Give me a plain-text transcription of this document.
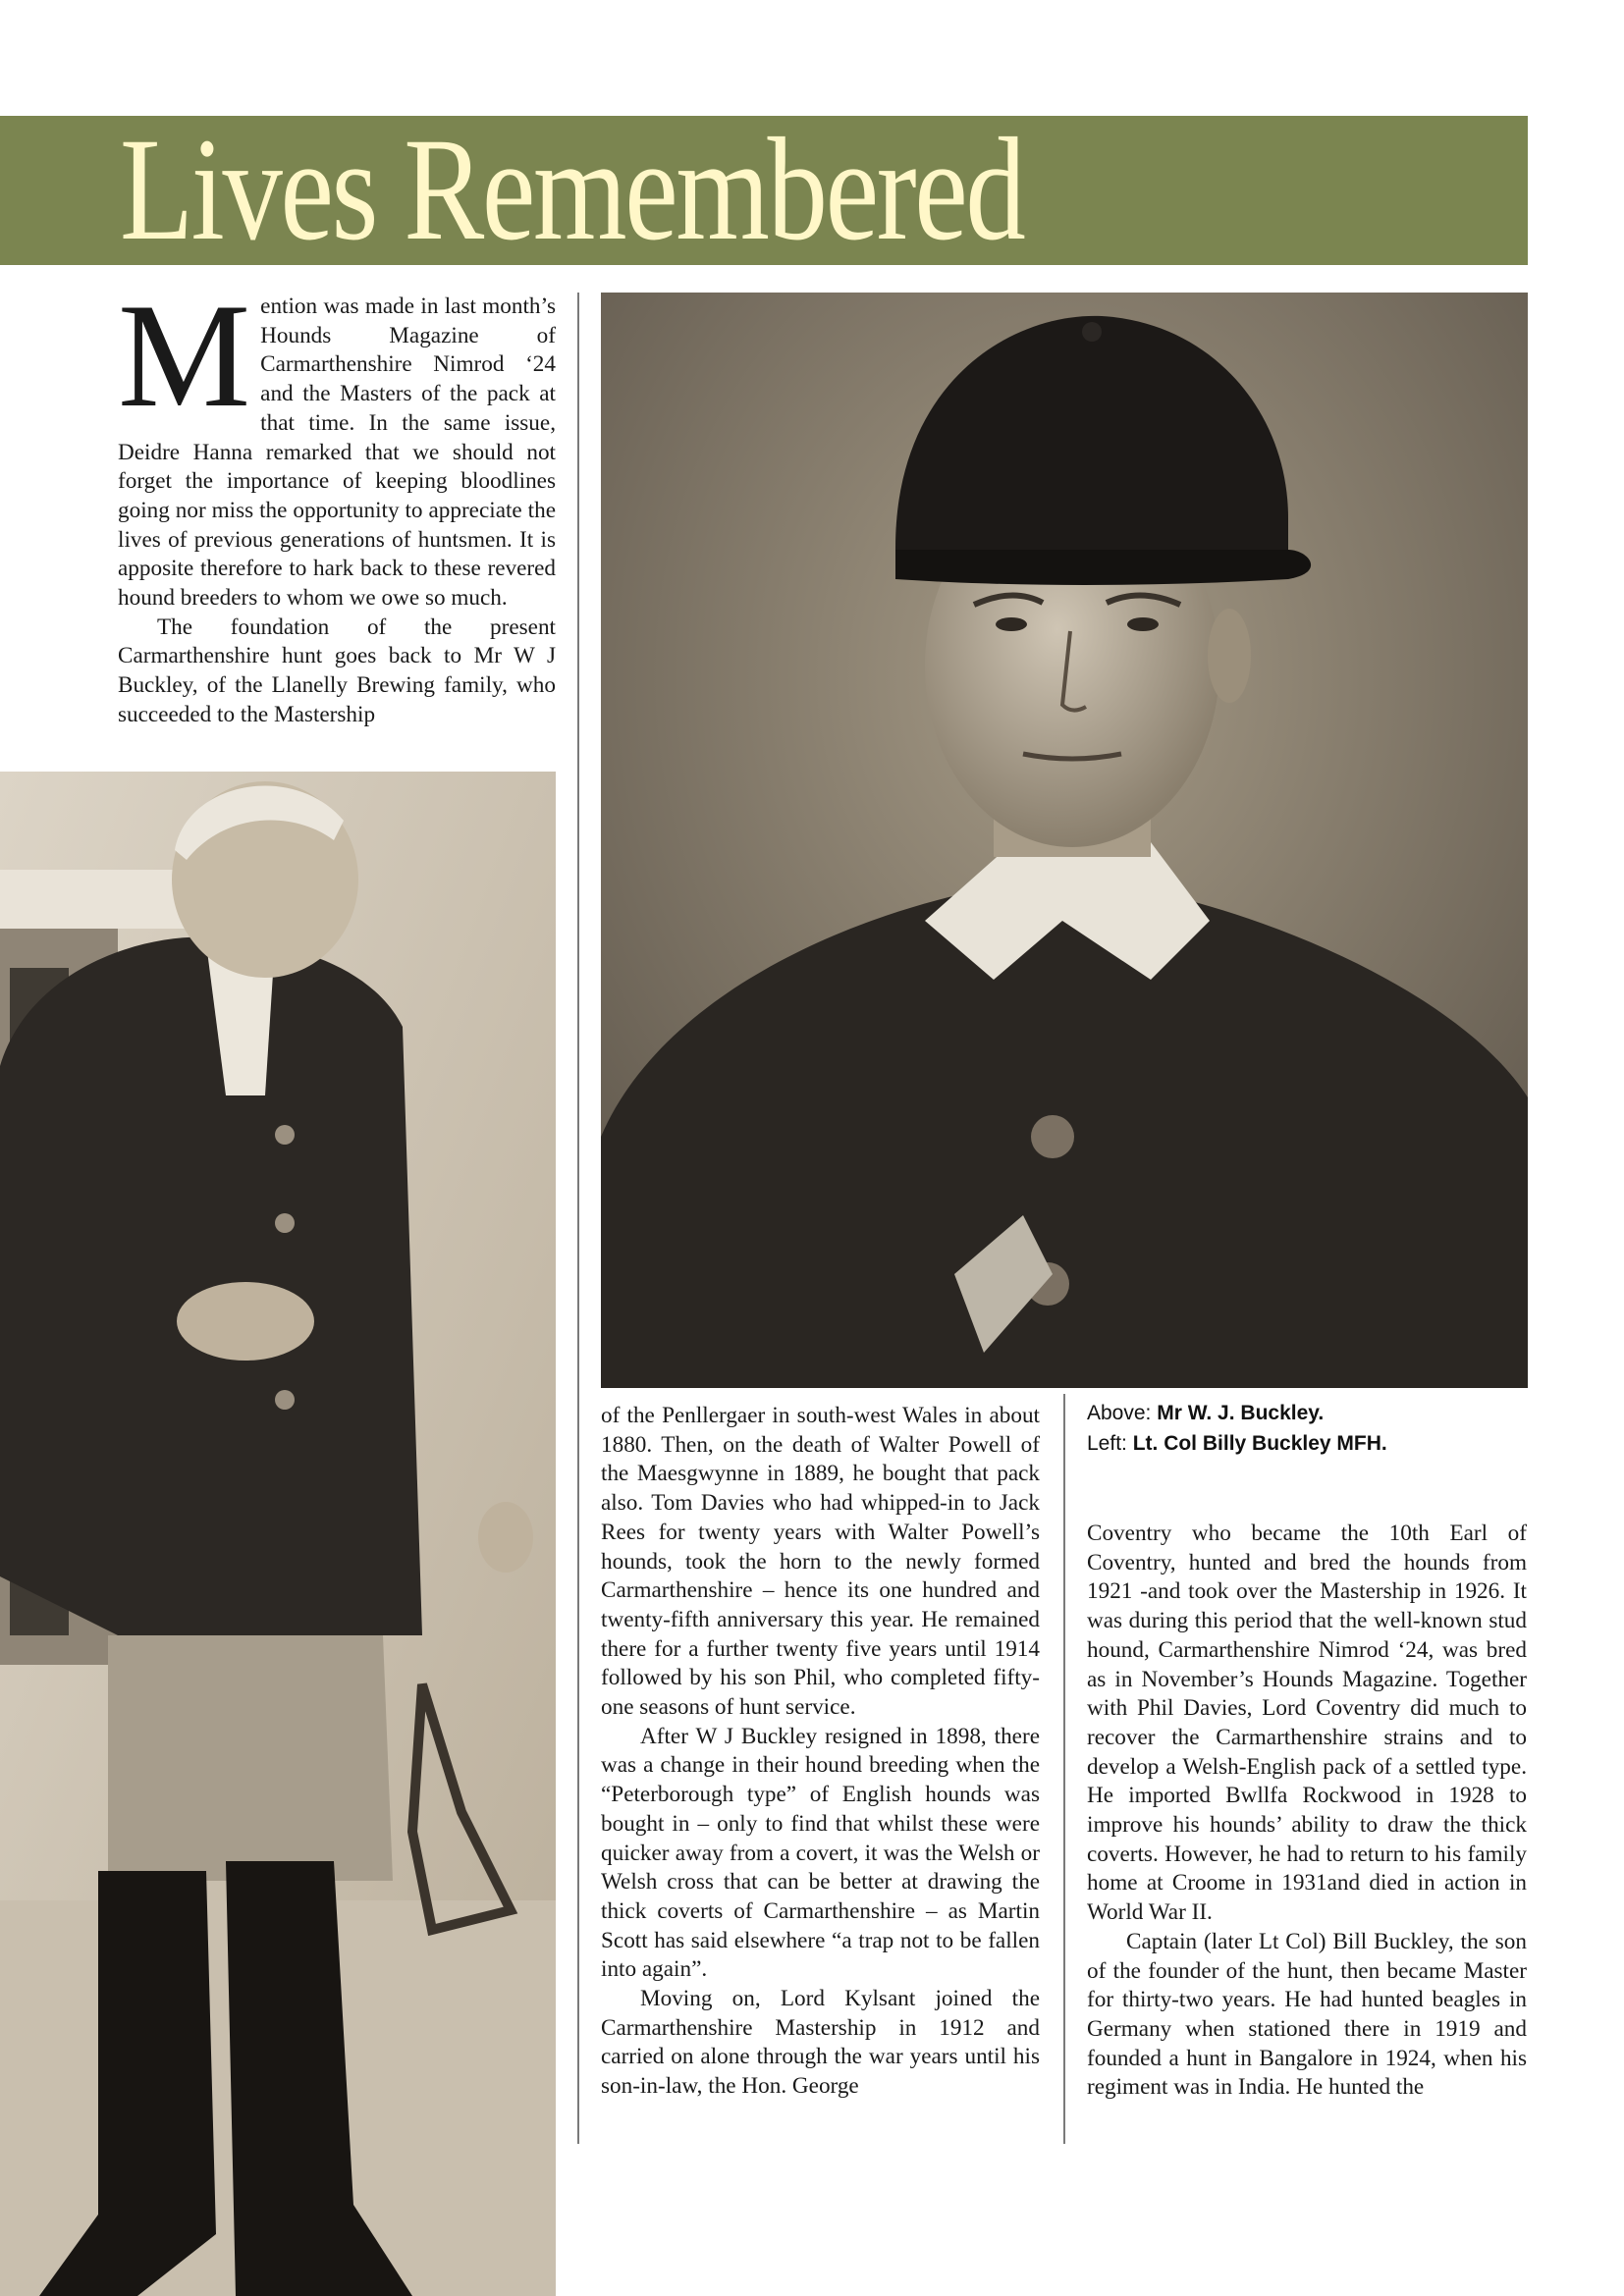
Lives Remembered
M ention was made in last month’s Hounds Magazine of Carmarthenshire Nimrod ‘24 and the Masters of the pack at that time. In the same issue, Deidre Hanna remarked that we should not forget the importance of keeping bloodlines going nor miss the opportunity to appreciate the lives of previous generations of huntsmen. It is apposite therefore to hark back to these revered hound breeders to whom we owe so much.

The foundation of the present Carmarthenshire hunt goes back to Mr W J Buckley, of the Llanelly Brewing family, who succeeded to the Mastership

of the Penllergaer in south-west Wales in about 1880. Then, on the death of Walter Powell of the Maesgwynne in 1889, he bought that pack also. Tom Davies who had whipped-in to Jack Rees for twenty years with Walter Powell’s hounds, took the horn to the newly formed Carmarthenshire – hence its one hundred and twenty-fifth anniversary this year. He remained there for a further twenty five years until 1914 followed by his son Phil, who completed fifty-one seasons of hunt service.

After W J Buckley resigned in 1898, there was a change in their hound breeding when the “Peterborough type” of English hounds was bought in – only to find that whilst these were quicker away from a covert, it was the Welsh or Welsh cross that can be better at drawing the thick coverts of Carmarthenshire – as Martin Scott has said elsewhere “a trap not to be fallen into again”.

Moving on, Lord Kylsant joined the Carmarthenshire Mastership in 1912 and carried on alone through the war years until his son-in-law, the Hon. George

Above: Mr W. J. Buckley.
Left: Lt. Col Billy Buckley MFH.

Coventry who became the 10th Earl of Coventry, hunted and bred the hounds from 1921 -and took over the Mastership in 1926. It was during this period that the well-known stud hound, Carmarthenshire Nimrod ‘24, was bred as in November’s Hounds Magazine. Together with Phil Davies, Lord Coventry did much to recover the Carmarthenshire strains and to develop a Welsh-English pack of a settled type. He imported Bwllfa Rockwood in 1928 to improve his hounds’ ability to draw the thick coverts. However, he had to return to his family home at Croome in 1931and died in action in World War II.

Captain (later Lt Col) Bill Buckley, the son of the founder of the hunt, then became Master for thirty-two years. He had hunted beagles in Germany when stationed there in 1919 and founded a hunt in Bangalore in 1924, when his regiment was in India. He hunted the
